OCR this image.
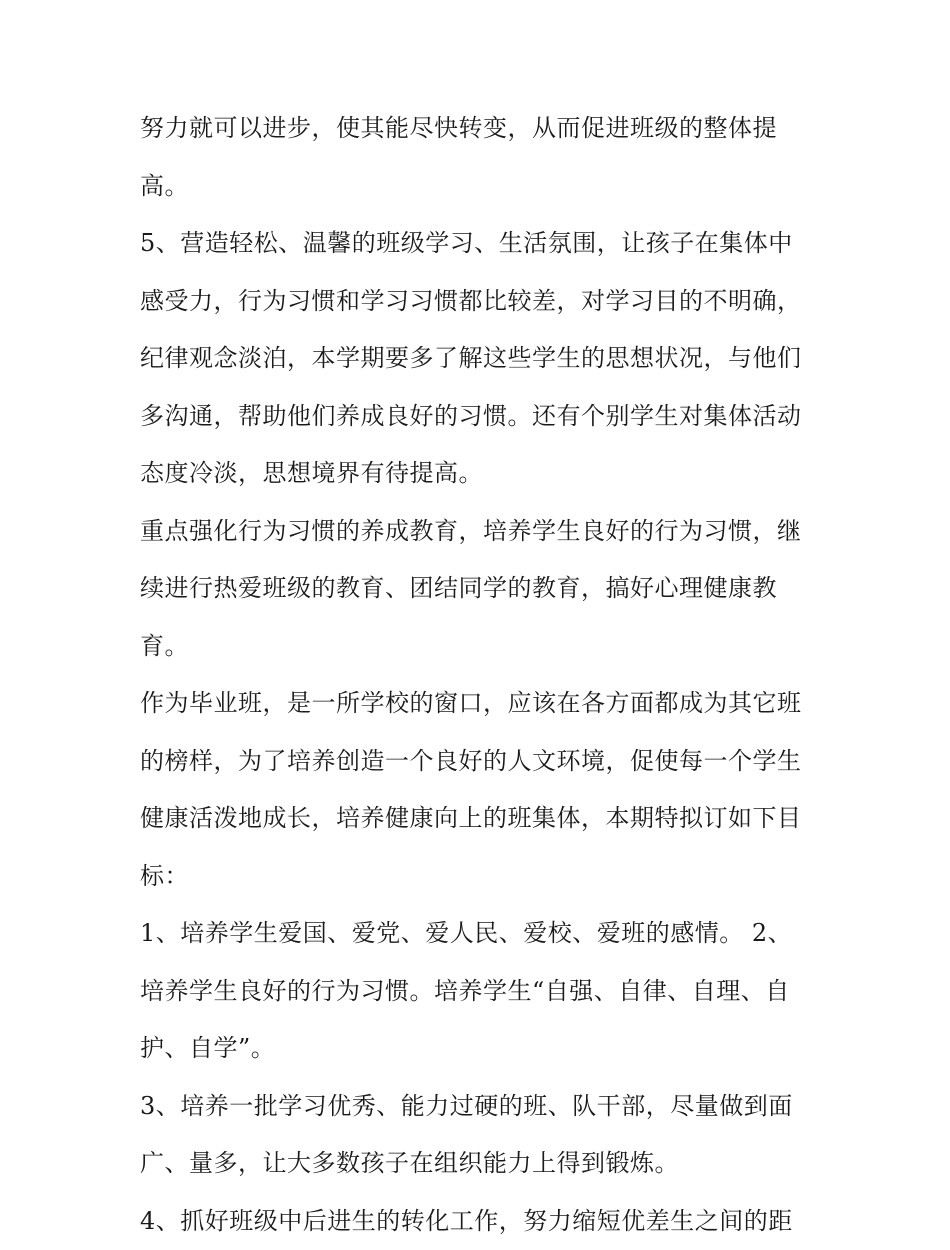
努力就可以进步，使其能尽快转变，从而促进班级的整体提
高。
5、营造轻松、温馨的班级学习、生活氛围，让孩子在集体中
感受力，行为习惯和学习习惯都比较差，对学习目的不明确，
纪律观念淡泊，本学期要多了解这些学生的思想状况，与他们
多沟通，帮助他们养成良好的习惯。还有个别学生对集体活动
态度冷淡，思想境界有待提高。
重点强化行为习惯的养成教育，培养学生良好的行为习惯，继
续进行热爱班级的教育、团结同学的教育，搞好心理健康教
育。
作为毕业班，是一所学校的窗口，应该在各方面都成为其它班
的榜样，为了培养创造一个良好的人文环境，促使每一个学生
健康活泼地成长，培养健康向上的班集体，本期特拟订如下目
标：
1、培养学生爱国、爱党、爱人民、爱校、爱班的感情。 2、
培养学生良好的行为习惯。培养学生“自强、自律、自理、自
护、自学”。
3、培养一批学习优秀、能力过硬的班、队干部，尽量做到面
广、量多，让大多数孩子在组织能力上得到锻炼。
4、抓好班级中后进生的转化工作，努力缩短优差生之间的距
